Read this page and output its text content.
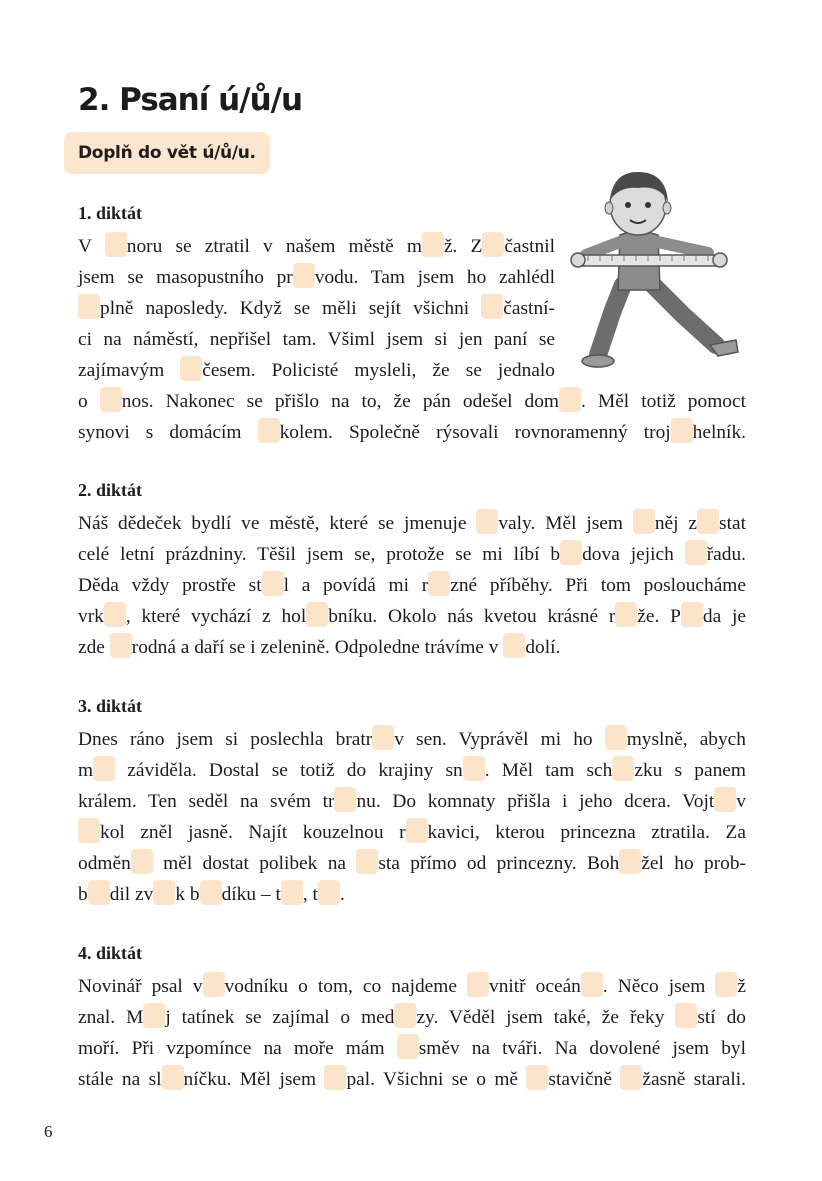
2. Psaní ú/ů/u
Doplň do vět ú/ů/u.
1. diktát
V noru se ztratil v našem městě m ž. Z častnil
jsem se masopustního pr vodu. Tam jsem ho zahlédl
plně naposledy. Když se měli sejít všichni častní-
ci na náměstí, nepřišel tam. Všiml jsem si jen paní se
zajímavým česem. Policisté mysleli, že se jednalo
o nos. Nakonec se přišlo na to, že pán odešel dom . Měl totiž pomoct
synovi s domácím kolem. Společně rýsovali rovnoramenný troj helník.
2. diktát
Náš dědeček bydlí ve městě, které se jmenuje valy. Měl jsem něj z stat
celé letní prázdniny. Těšil jsem se, protože se mi líbí b dova jejich řadu.
Děda vždy prostře st l a povídá mi r zné příběhy. Při tom posloucháme
vrk , které vychází z hol bníku. Okolo nás kvetou krásné r že. P da je
zde rodná a daří se i zelenině. Odpoledne trávíme v dolí.
3. diktát
Dnes ráno jsem si poslechla bratr v sen. Vyprávěl mi ho myslně, abych
m záviděla. Dostal se totiž do krajiny sn . Měl tam sch zku s panem
králem. Ten seděl na svém tr nu. Do komnaty přišla i jeho dcera. Vojt v
kol zněl jasně. Najít kouzelnou r kavici, kterou princezna ztratila. Za
odměn měl dostat polibek na sta přímo od princezny. Boh žel ho prob-
b dil zv k b díku – t , t .
4. diktát
Novinář psal v vodníku o tom, co najdeme vnitř oceán . Něco jsem ž
znal. M j tatínek se zajímal o med zy. Věděl jsem také, že řeky stí do
moří. Při vzpomínce na moře mám směv na tváři. Na dovolené jsem byl
stále na sl níčku. Měl jsem pal. Všichni se o mě stavičně žasně starali.
6
